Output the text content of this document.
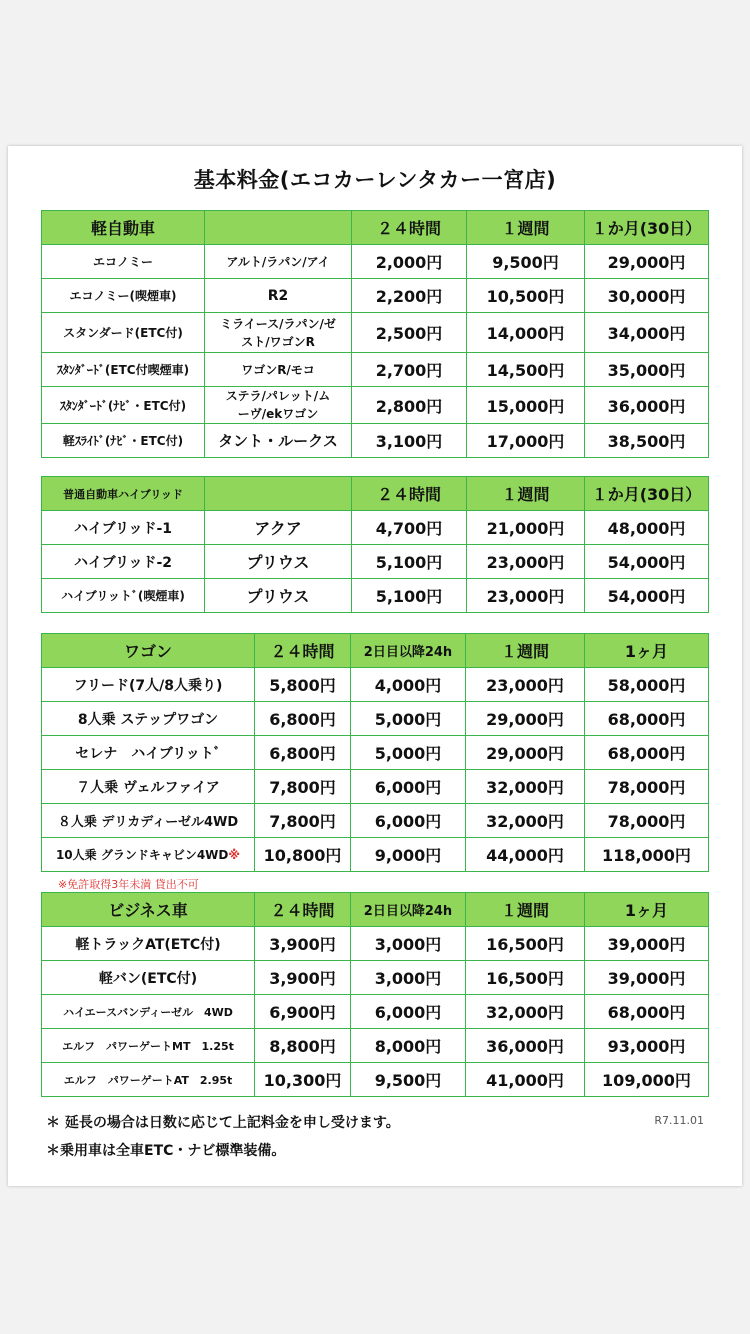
基本料金(エコカーレンタカー一宮店)
軽自動車		２４時間	１週間	１か月(30日）
エコノミー	アルト/ラパン/アイ	2,000円	9,500円	29,000円
エコノミー(喫煙車)	R2	2,200円	10,500円	30,000円
スタンダード(ETC付)	ミライース/ラパン/ゼスト/ワゴンR	2,500円	14,000円	34,000円
ｽﾀﾝﾀﾞｰﾄﾞ(ETC付喫煙車)	ワゴンR/モコ	2,700円	14,500円	35,000円
ｽﾀﾝﾀﾞｰﾄﾞ(ﾅﾋﾞ・ETC付)	ステラ/パレット/ムーヴ/ekワゴン	2,800円	15,000円	36,000円
軽ｽﾗｲﾄﾞ(ﾅﾋﾞ・ETC付)	タント・ルークス	3,100円	17,000円	38,500円
普通自動車ハイブリッド		２４時間	１週間	１か月(30日）
ハイブリッド-1	アクア	4,700円	21,000円	48,000円
ハイブリッド-2	プリウス	5,100円	23,000円	54,000円
ハイブリットﾞ(喫煙車)	プリウス	5,100円	23,000円	54,000円
ワゴン	２４時間	2日目以降24h	１週間	1ヶ月
フリード(7人/8人乗り)	5,800円	4,000円	23,000円	58,000円
8人乗 ステップワゴン	6,800円	5,000円	29,000円	68,000円
セレナ　ハイブリットﾞ	6,800円	5,000円	29,000円	68,000円
７人乗 ヴェルファイア	7,800円	6,000円	32,000円	78,000円
８人乗 デリカディーゼル4WD	7,800円	6,000円	32,000円	78,000円
10人乗 グランドキャビン4WD※	10,800円	9,000円	44,000円	118,000円
※免許取得3年未満 貸出不可
ビジネス車	２４時間	2日目以降24h	１週間	1ヶ月
軽トラックAT(ETC付)	3,900円	3,000円	16,500円	39,000円
軽バン(ETC付)	3,900円	3,000円	16,500円	39,000円
ハイエースバンディーゼル　4WD	6,900円	6,000円	32,000円	68,000円
エルフ　パワーゲートMT　1.25t	8,800円	8,000円	36,000円	93,000円
エルフ　パワーゲートAT　2.95t	10,300円	9,500円	41,000円	109,000円
＊ 延長の場合は日数に応じて上記料金を申し受けます。
＊乗用車は全車ETC・ナビ標準装備。
R7.11.01
